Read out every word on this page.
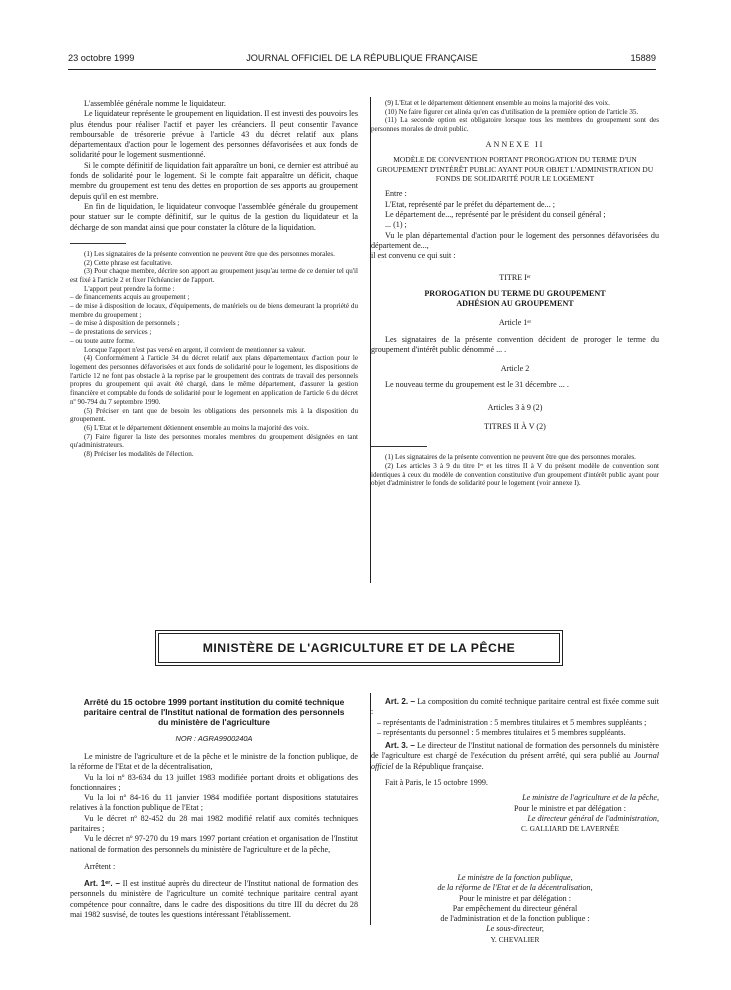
23 octobre 1999	JOURNAL OFFICIEL DE LA RÉPUBLIQUE FRANÇAISE	15889

L'assemblée générale nomme le liquidateur.

Le liquidateur représente le groupement en liquidation. Il est investi des pouvoirs les plus étendus pour réaliser l'actif et payer les créanciers. Il peut consentir l'avance remboursable de trésorerie prévue à l'article 43 du décret relatif aux plans départementaux d'action pour le logement des personnes défavorisées et aux fonds de solidarité pour le logement susmentionné.

Si le compte définitif de liquidation fait apparaître un boni, ce dernier est attribué au fonds de solidarité pour le logement. Si le compte fait apparaître un déficit, chaque membre du groupement est tenu des dettes en proportion de ses apports au groupement depuis qu'il en est membre.

En fin de liquidation, le liquidateur convoque l'assemblée générale du groupement pour statuer sur le compte définitif, sur le quitus de la gestion du liquidateur et la décharge de son mandat ainsi que pour constater la clôture de la liquidation.

(1) Les signataires de la présente convention ne peuvent être que des personnes morales.

(2) Cette phrase est facultative.

(3) Pour chaque membre, décrire son apport au groupement jusqu'au terme de ce dernier tel qu'il est fixé à l'article 2 et fixer l'échéancier de l'apport.

L'apport peut prendre la forme :

– de financements acquis au groupement ;

– de mise à disposition de locaux, d'équipements, de matériels ou de biens demeurant la propriété du membre du groupement ;

– de mise à disposition de personnels ;

– de prestations de services ;

– ou toute autre forme.

Lorsque l'apport n'est pas versé en argent, il convient de mentionner sa valeur.

(4) Conformément à l'article 34 du décret relatif aux plans départementaux d'action pour le logement des personnes défavorisées et aux fonds de solidarité pour le logement, les dispositions de l'article 12 ne font pas obstacle à la reprise par le groupement des contrats de travail des personnels propres du groupement qui avait été chargé, dans le même département, d'assurer la gestion financière et comptable du fonds de solidarité pour le logement en application de l'article 6 du décret nº 90-794 du 7 septembre 1990.

(5) Préciser en tant que de besoin les obligations des personnels mis à la disposition du groupement.

(6) L'Etat et le département détiennent ensemble au moins la majorité des voix.

(7) Faire figurer la liste des personnes morales membres du groupement désignées en tant qu'administrateurs.

(8) Préciser les modalités de l'élection.

(9) L'Etat et le département détiennent ensemble au moins la majorité des voix.

(10) Ne faire figurer cet alinéa qu'en cas d'utilisation de la première option de l'article 35.

(11) La seconde option est obligatoire lorsque tous les membres du groupement sont des personnes morales de droit public.

ANNEXE II

MODÈLE DE CONVENTION PORTANT PROROGATION DU TERME D'UN GROUPEMENT D'INTÉRÊT PUBLIC AYANT POUR OBJET L'ADMINISTRATION DU FONDS DE SOLIDARITÉ POUR LE LOGEMENT

Entre :

L'Etat, représenté par le préfet du département de... ;

Le département de..., représenté par le président du conseil général ;

... (1) ;

Vu le plan départemental d'action pour le logement des personnes défavorisées du département de...,

il est convenu ce qui suit :

TITRE Iᵉʳ

PROROGATION DU TERME DU GROUPEMENT ADHÉSION AU GROUPEMENT

Article 1ᵉʳ

Les signataires de la présente convention décident de proroger le terme du groupement d'intérêt public dénommé ... .

Article 2

Le nouveau terme du groupement est le 31 décembre ... .

Articles 3 à 9 (2)

TITRES II À V (2)

(1) Les signataires de la présente convention ne peuvent être que des personnes morales.

(2) Les articles 3 à 9 du titre Iᵉʳ et les titres II à V du présent modèle de convention sont identiques à ceux du modèle de convention constitutive d'un groupement d'intérêt public ayant pour objet d'administrer le fonds de solidarité pour le logement (voir annexe I).

MINISTÈRE DE L'AGRICULTURE ET DE LA PÊCHE

Arrêté du 15 octobre 1999 portant institution du comité technique paritaire central de l'Institut national de formation des personnels du ministère de l'agriculture

NOR : AGRA9900240A

Le ministre de l'agriculture et de la pêche et le ministre de la fonction publique, de la réforme de l'Etat et de la décentralisation,

Vu la loi nº 83-634 du 13 juillet 1983 modifiée portant droits et obligations des fonctionnaires ;

Vu la loi nº 84-16 du 11 janvier 1984 modifiée portant dispositions statutaires relatives à la fonction publique de l'Etat ;

Vu le décret nº 82-452 du 28 mai 1982 modifié relatif aux comités techniques paritaires ;

Vu le décret nº 97-270 du 19 mars 1997 portant création et organisation de l'Institut national de formation des personnels du ministère de l'agriculture et de la pêche,

Arrêtent :

Art. 1ᵉʳ. – Il est institué auprès du directeur de l'Institut national de formation des personnels du ministère de l'agriculture un comité technique paritaire central ayant compétence pour connaître, dans le cadre des dispositions du titre III du décret du 28 mai 1982 susvisé, de toutes les questions intéressant l'établissement.

Art. 2. – La composition du comité technique paritaire central est fixée comme suit :

– représentants de l'administration : 5 membres titulaires et 5 membres suppléants ;

– représentants du personnel : 5 membres titulaires et 5 membres suppléants.

Art. 3. – Le directeur de l'Institut national de formation des personnels du ministère de l'agriculture est chargé de l'exécution du présent arrêté, qui sera publié au Journal officiel de la République française.

Fait à Paris, le 15 octobre 1999.

Le ministre de l'agriculture et de la pêche,

Pour le ministre et par délégation :

Le directeur général de l'administration,

C. GALLIARD DE LAVERNÉE

Le ministre de la fonction publique,

de la réforme de l'Etat et de la décentralisation,

Pour le ministre et par délégation :

Par empêchement du directeur général

de l'administration et de la fonction publique :

Le sous-directeur,

Y. CHEVALIER
